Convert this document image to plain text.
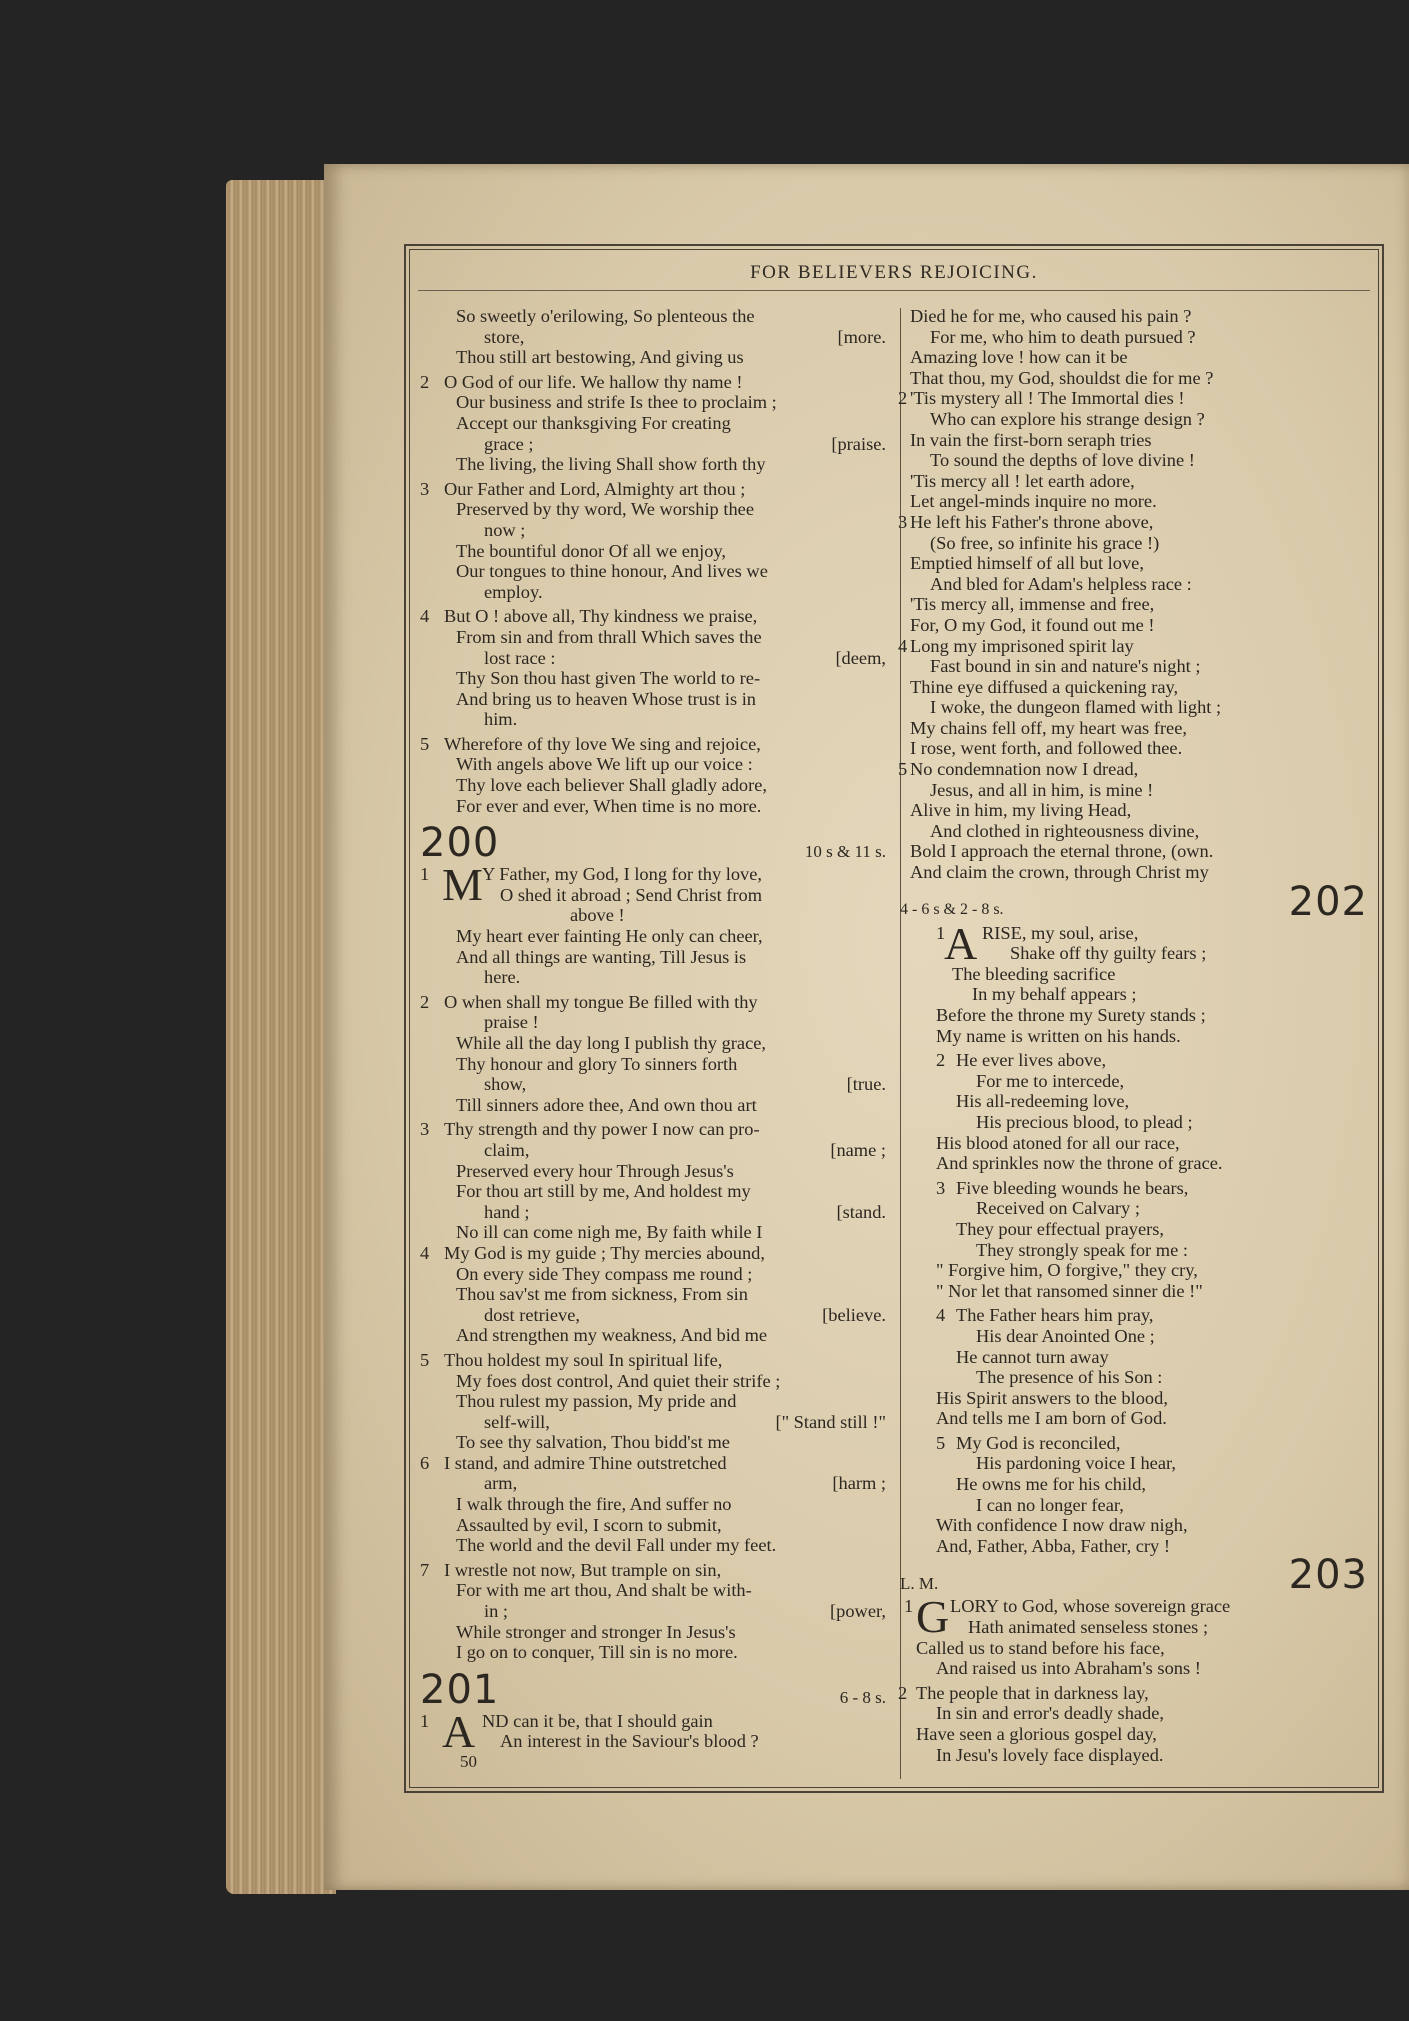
FOR BELIEVERS REJOICING.
So sweetly o'erilowing, So plenteous the
store,	[more.
Thou still art bestowing, And giving us
2 O God of our life. We hallow thy name !
Our business and strife Is thee to proclaim ;
Accept our thanksgiving For creating
grace ;	[praise.
The living, the living Shall show forth thy
3 Our Father and Lord, Almighty art thou ;
Preserved by thy word, We worship thee
now ;
The bountiful donor Of all we enjoy,
Our tongues to thine honour, And lives we
employ.
4 But O ! above all, Thy kindness we praise,
From sin and from thrall Which saves the
lost race :	[deem,
Thy Son thou hast given The world to re-
And bring us to heaven Whose trust is in
him.
5 Wherefore of thy love We sing and rejoice,
With angels above We lift up our voice :
Thy love each believer Shall gladly adore,
For ever and ever, When time is no more.
200	10 s & 11 s.
M
1	Y Father, my God, I long for thy love,
O shed it abroad ; Send Christ from
above !
My heart ever fainting He only can cheer,
And all things are wanting, Till Jesus is
here.
2 O when shall my tongue Be filled with thy
praise !
While all the day long I publish thy grace,
Thy honour and glory To sinners forth
show,	[true.
Till sinners adore thee, And own thou art
3 Thy strength and thy power I now can pro-
claim,	[name ;
Preserved every hour Through Jesus's
For thou art still by me, And holdest my
hand ;	[stand.
No ill can come nigh me, By faith while I
4 My God is my guide ; Thy mercies abound,
On every side They compass me round ;
Thou sav'st me from sickness, From sin
dost retrieve,	[believe.
And strengthen my weakness, And bid me
5 Thou holdest my soul In spiritual life,
My foes dost control, And quiet their strife ;
Thou rulest my passion, My pride and
self-will,	[" Stand still !"
To see thy salvation, Thou bidd'st me
6 I stand, and admire Thine outstretched
arm,	[harm ;
I walk through the fire, And suffer no
Assaulted by evil, I scorn to submit,
The world and the devil Fall under my feet.
7 I wrestle not now, But trample on sin,
For with me art thou, And shalt be with-
in ;	[power,
While stronger and stronger In Jesus's
I go on to conquer, Till sin is no more.
201	6 - 8 s.
A
1	ND can it be, that I should gain
An interest in the Saviour's blood ?
50
Died he for me, who caused his pain ?
For me, who him to death pursued ?
Amazing love ! how can it be
That thou, my God, shouldst die for me ?
2 'Tis mystery all ! The Immortal dies !
Who can explore his strange design ?
In vain the first-born seraph tries
To sound the depths of love divine !
'Tis mercy all ! let earth adore,
Let angel-minds inquire no more.
3 He left his Father's throne above,
(So free, so infinite his grace !)
Emptied himself of all but love,
And bled for Adam's helpless race :
'Tis mercy all, immense and free,
For, O my God, it found out me !
4 Long my imprisoned spirit lay
Fast bound in sin and nature's night ;
Thine eye diffused a quickening ray,
I woke, the dungeon flamed with light ;
My chains fell off, my heart was free,
I rose, went forth, and followed thee.
5 No condemnation now I dread,
Jesus, and all in him, is mine !
Alive in him, my living Head,
And clothed in righteousness divine,
Bold I approach the eternal throne, (own.
And claim the crown, through Christ my
4 - 6 s & 2 - 8 s.	202
A
1	RISE, my soul, arise,
Shake off thy guilty fears ;
The bleeding sacrifice
In my behalf appears ;
Before the throne my Surety stands ;
My name is written on his hands.
2 He ever lives above,
For me to intercede,
His all-redeeming love,
His precious blood, to plead ;
His blood atoned for all our race,
And sprinkles now the throne of grace.
3 Five bleeding wounds he bears,
Received on Calvary ;
They pour effectual prayers,
They strongly speak for me :
" Forgive him, O forgive," they cry,
" Nor let that ransomed sinner die !"
4 The Father hears him pray,
His dear Anointed One ;
He cannot turn away
The presence of his Son :
His Spirit answers to the blood,
And tells me I am born of God.
5 My God is reconciled,
His pardoning voice I hear,
He owns me for his child,
I can no longer fear,
With confidence I now draw nigh,
And, Father, Abba, Father, cry !
L. M.	203
G
1	LORY to God, whose sovereign grace
Hath animated senseless stones ;
Called us to stand before his face,
And raised us into Abraham's sons !
2 The people that in darkness lay,
In sin and error's deadly shade,
Have seen a glorious gospel day,
In Jesu's lovely face displayed.
